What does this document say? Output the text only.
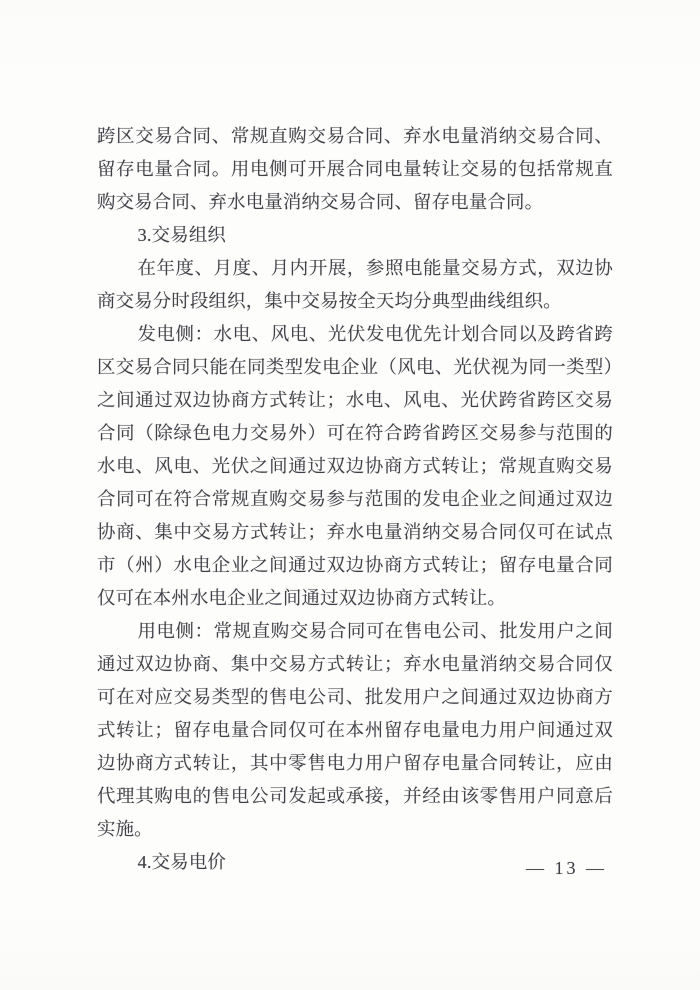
跨区交易合同、常规直购交易合同、弃水电量消纳交易合同、留存电量合同。用电侧可开展合同电量转让交易的包括常规直购交易合同、弃水电量消纳交易合同、留存电量合同。

3.交易组织

在年度、月度、月内开展，参照电能量交易方式，双边协商交易分时段组织，集中交易按全天均分典型曲线组织。

发电侧：水电、风电、光伏发电优先计划合同以及跨省跨区交易合同只能在同类型发电企业（风电、光伏视为同一类型）之间通过双边协商方式转让；水电、风电、光伏跨省跨区交易合同（除绿色电力交易外）可在符合跨省跨区交易参与范围的水电、风电、光伏之间通过双边协商方式转让；常规直购交易合同可在符合常规直购交易参与范围的发电企业之间通过双边协商、集中交易方式转让；弃水电量消纳交易合同仅可在试点市（州）水电企业之间通过双边协商方式转让；留存电量合同仅可在本州水电企业之间通过双边协商方式转让。

用电侧：常规直购交易合同可在售电公司、批发用户之间通过双边协商、集中交易方式转让；弃水电量消纳交易合同仅可在对应交易类型的售电公司、批发用户之间通过双边协商方式转让；留存电量合同仅可在本州留存电量电力用户间通过双边协商方式转让，其中零售电力用户留存电量合同转让，应由代理其购电的售电公司发起或承接，并经由该零售用户同意后实施。

4.交易电价	— 13 —
